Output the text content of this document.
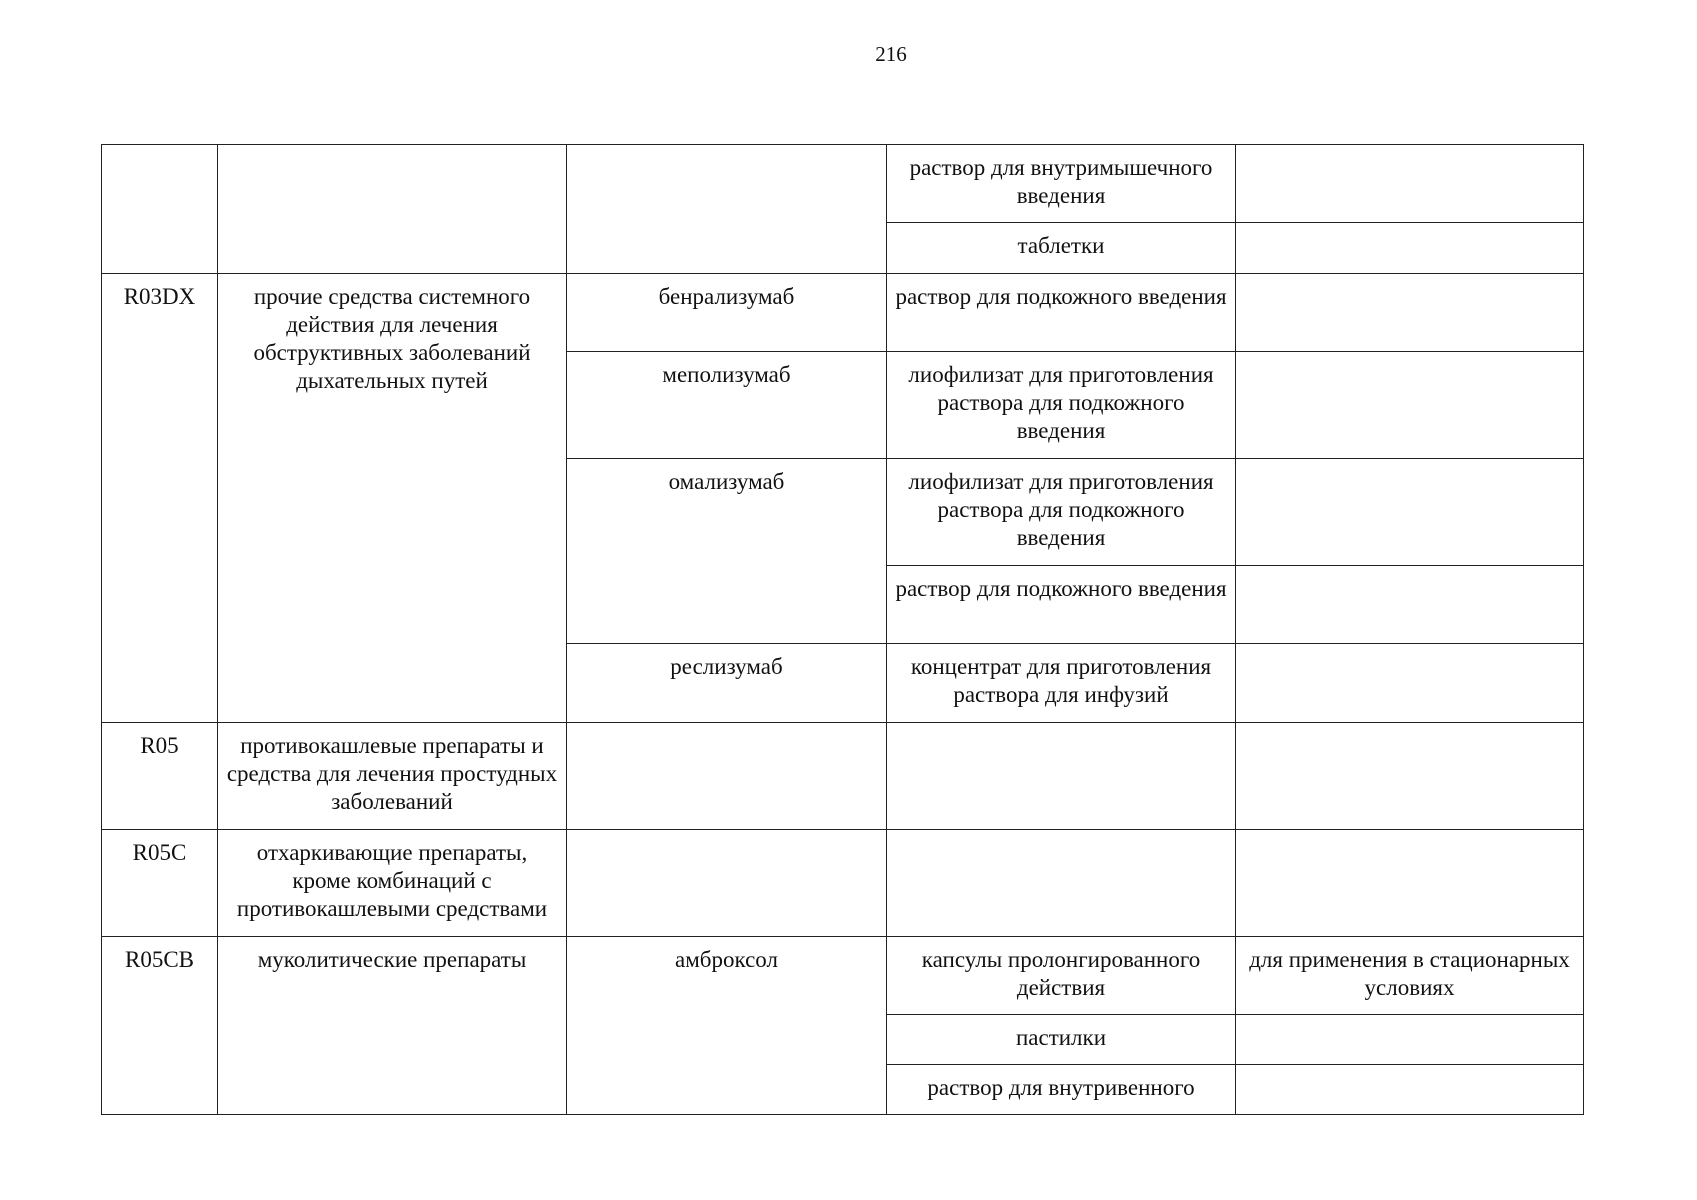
216
			раствор для внутримышечного введения	
			таблетки	
R03DX	прочие средства системного действия для лечения обструктивных заболеваний дыхательных путей	бенрализумаб	раствор для подкожного введения	
		меполизумаб	лиофилизат для приготовления раствора для подкожного введения	
		омализумаб	лиофилизат для приготовления раствора для подкожного введения	
			раствор для подкожного введения	
		реслизумаб	концентрат для приготовления раствора для инфузий	
R05	противокашлевые препараты и средства для лечения простудных заболеваний			
R05C	отхаркивающие препараты, кроме комбинаций с противокашлевыми средствами			
R05CB	муколитические препараты	амброксол	капсулы пролонгированного действия	для применения в стационарных условиях
			пастилки	
			раствор для внутривенного	
